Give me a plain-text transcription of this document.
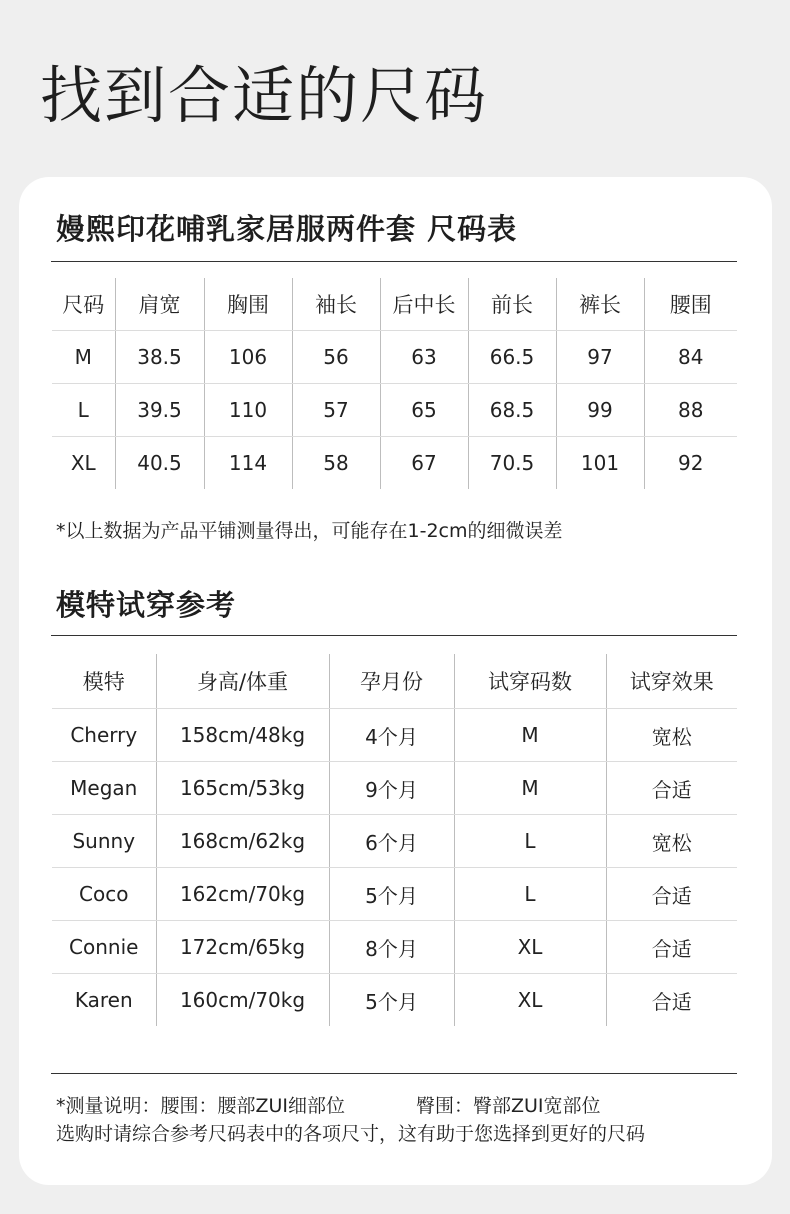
找到合适的尺码
嫚熙印花哺乳家居服两件套 尺码表
尺码	肩宽	胸围	袖长	后中长	前长	裤长	腰围
M	38.5	106	56	63	66.5	97	84
L	39.5	110	57	65	68.5	99	88
XL	40.5	114	58	67	70.5	101	92
*以上数据为产品平铺测量得出，可能存在1-2cm的细微误差
模特试穿参考
模特	身高/体重	孕月份	试穿码数	试穿效果
Cherry	158cm/48kg	4个月	M	宽松
Megan	165cm/53kg	9个月	M	合适
Sunny	168cm/62kg	6个月	L	宽松
Coco	162cm/70kg	5个月	L	合适
Connie	172cm/65kg	8个月	XL	合适
Karen	160cm/70kg	5个月	XL	合适
*测量说明：腰围：腰部ZUI细部位	臀围：臀部ZUI宽部位
选购时请综合参考尺码表中的各项尺寸，这有助于您选择到更好的尺码
